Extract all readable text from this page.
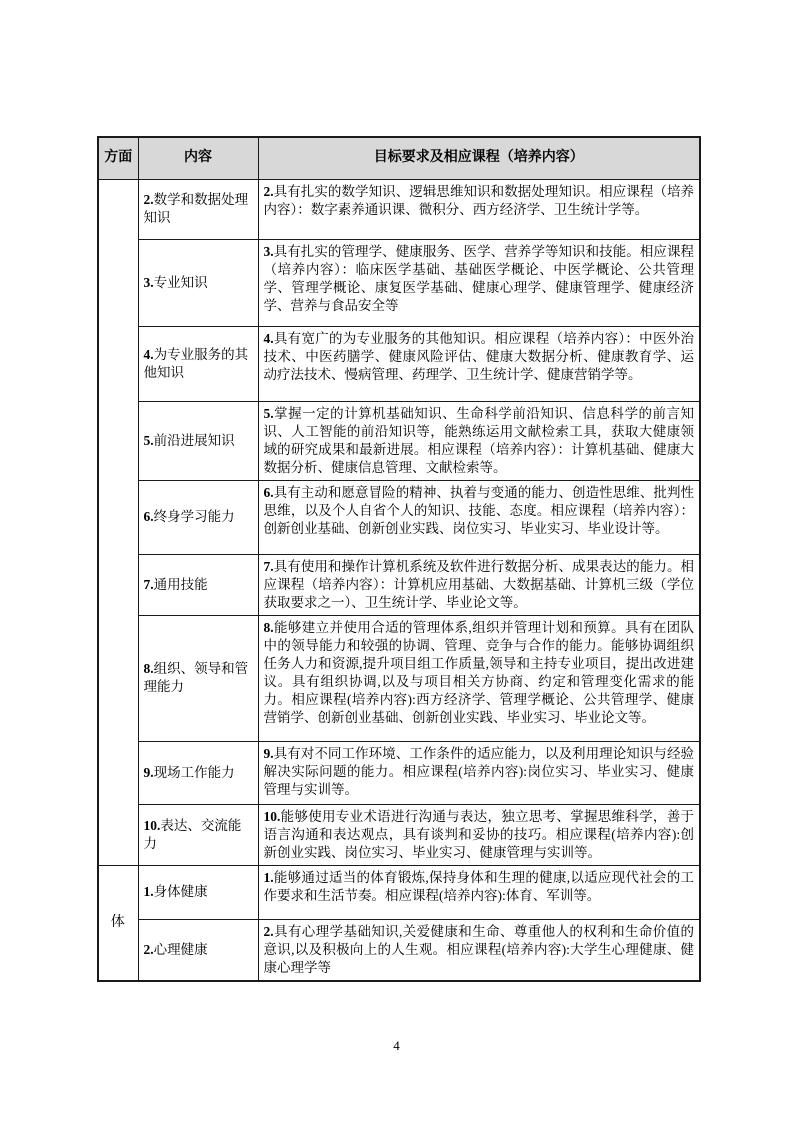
方面	内容	目标要求及相应课程（培养内容）
	2.数学和数据处理知识	2.具有扎实的数学知识、逻辑思维知识和数据处理知识。相应课程（培养内容）：数字素养通识课、微积分、西方经济学、卫生统计学等。
	3.专业知识	3.具有扎实的管理学、健康服务、医学、营养学等知识和技能。相应课程（培养内容）：临床医学基础、基础医学概论、中医学概论、公共管理学、管理学概论、康复医学基础、健康心理学、健康管理学、健康经济学、营养与食品安全等
	4.为专业服务的其他知识	4.具有宽广的为专业服务的其他知识。相应课程（培养内容）：中医外治技术、中医药膳学、健康风险评估、健康大数据分析、健康教育学、运动疗法技术、慢病管理、药理学、卫生统计学、健康营销学等。
	5.前沿进展知识	5.掌握一定的计算机基础知识、生命科学前沿知识、信息科学的前言知识、人工智能的前沿知识等，能熟练运用文献检索工具，获取大健康领域的研究成果和最新进展。相应课程（培养内容）：计算机基础、健康大数据分析、健康信息管理、文献检索等。
	6.终身学习能力	6.具有主动和愿意冒险的精神、执着与变通的能力、创造性思维、批判性思维，以及个人自省个人的知识、技能、态度。相应课程（培养内容）：创新创业基础、创新创业实践、岗位实习、毕业实习、毕业设计等。
	7.通用技能	7.具有使用和操作计算机系统及软件进行数据分析、成果表达的能力。相应课程（培养内容）：计算机应用基础、大数据基础、计算机三级（学位获取要求之一）、卫生统计学、毕业论文等。
	8.组织、领导和管理能力	8.能够建立并使用合适的管理体系,组织并管理计划和预算。具有在团队中的领导能力和较强的协调、管理、竞争与合作的能力。能够协调组织任务人力和资源,提升项目组工作质量,领导和主持专业项目，提出改进建议。具有组织协调,以及与项目相关方协商、约定和管理变化需求的能力。相应课程(培养内容):西方经济学、管理学概论、公共管理学、健康营销学、创新创业基础、创新创业实践、毕业实习、毕业论文等。
	9.现场工作能力	9.具有对不同工作环境、工作条件的适应能力，以及利用理论知识与经验解决实际问题的能力。相应课程(培养内容):岗位实习、毕业实习、健康管理与实训等。
	10.表达、交流能力	10.能够使用专业术语进行沟通与表达，独立思考、掌握思维科学，善于语言沟通和表达观点，具有谈判和妥协的技巧。相应课程(培养内容):创新创业实践、岗位实习、毕业实习、健康管理与实训等。
体	1.身体健康	1.能够通过适当的体育锻炼,保持身体和生理的健康,以适应现代社会的工作要求和生活节奏。相应课程(培养内容):体育、军训等。
	2.心理健康	2.具有心理学基础知识,关爱健康和生命、尊重他人的权利和生命价值的意识,以及积极向上的人生观。相应课程(培养内容):大学生心理健康、健康心理学等
4
